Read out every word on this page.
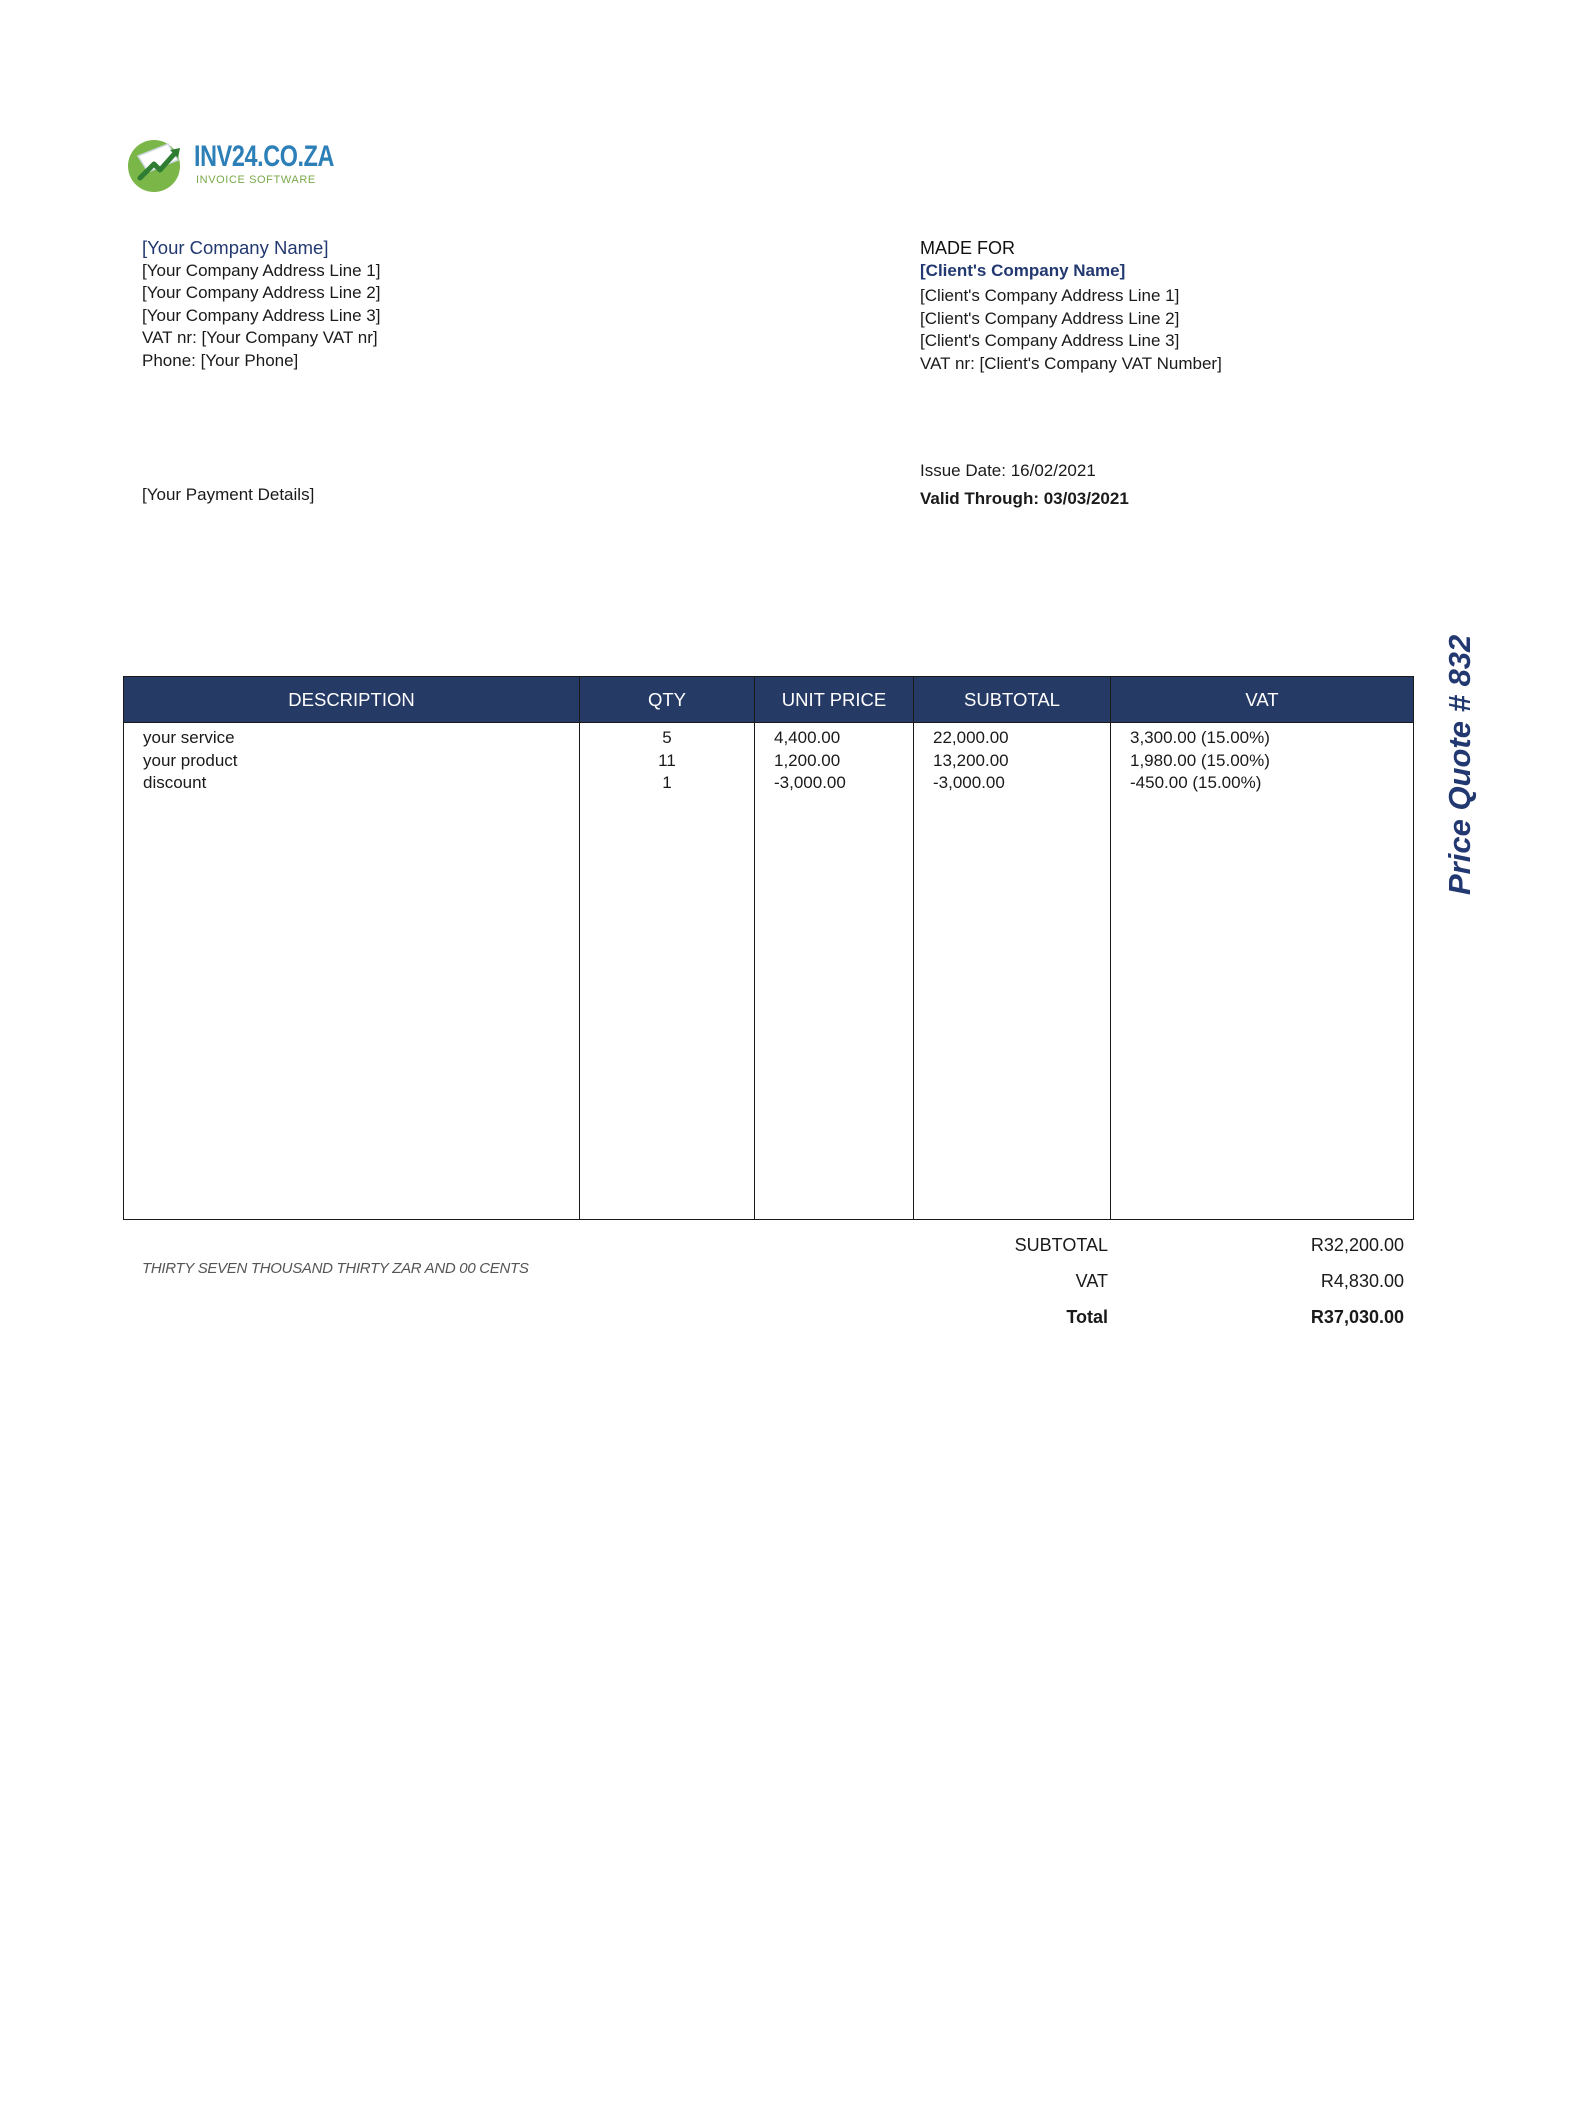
INV24.CO.ZA
INVOICE SOFTWARE
[Your Company Name]
[Your Company Address Line 1]
[Your Company Address Line 2]
[Your Company Address Line 3]
VAT nr: [Your Company VAT nr]
Phone: [Your Phone]
MADE FOR
[Client's Company Name]
[Client's Company Address Line 1]
[Client's Company Address Line 2]
[Client's Company Address Line 3]
VAT nr: [Client's Company VAT Number]
[Your Payment Details]
Issue Date: 16/02/2021
Valid Through: 03/03/2021
Price Quote # 832
DESCRIPTION	QTY	UNIT PRICE	SUBTOTAL	VAT
your service	5	4,400.00	22,000.00	3,300.00 (15.00%)
your product	11	1,200.00	13,200.00	1,980.00 (15.00%)
discount	1	-3,000.00	-3,000.00	-450.00 (15.00%)

THIRTY SEVEN THOUSAND THIRTY ZAR AND 00 CENTS
SUBTOTAL	R32,200.00
VAT	R4,830.00
Total	R37,030.00
